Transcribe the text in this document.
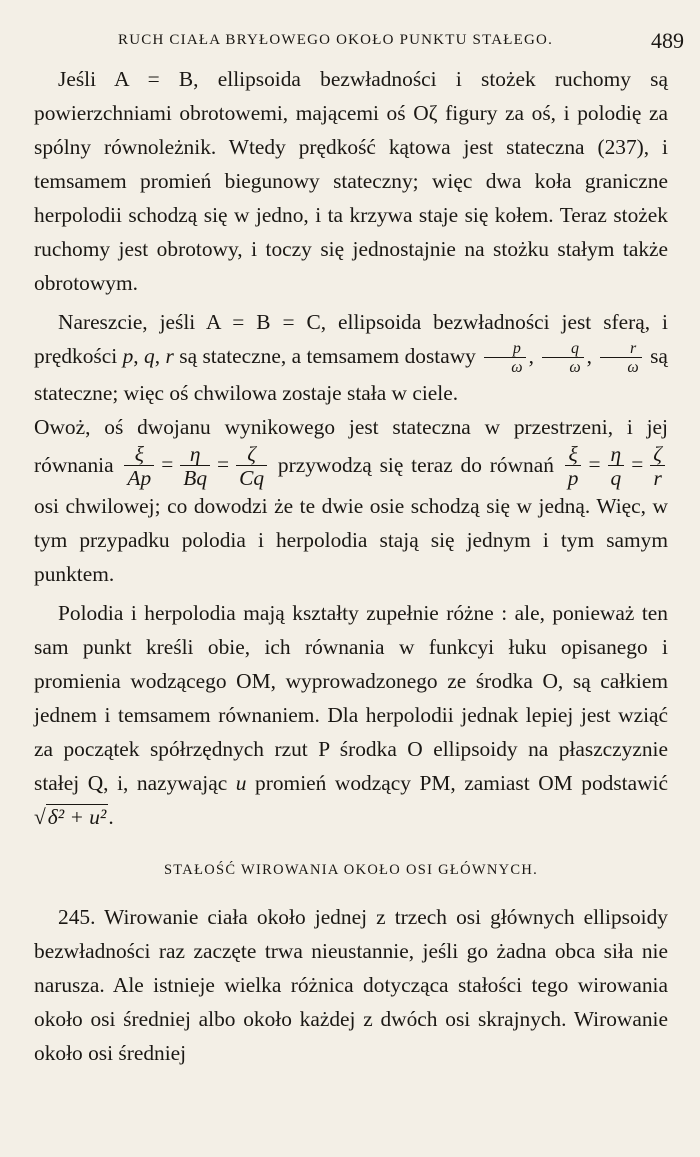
RUCH CIAŁA BRYŁOWEGO OKOŁO PUNKTU STAŁEGO.	489

Jeśli A = B, ellipsoida bezwładności i stożek ruchomy są powierzchniami obrotowemi, mającemi oś Oζ figury za oś, i polodię za spólny równoleżnik. Wtedy prędkość kątowa jest stateczna (237), i temsamem promień biegunowy stateczny; więc dwa koła graniczne herpolodii schodzą się w jedno, i ta krzywa staje się kołem. Teraz stożek ruchomy jest obrotowy, i toczy się jednostajnie na stożku stałym także obrotowym.

Nareszcie, jeśli A = B = C, ellipsoida bezwładności jest sferą, i prędkości p, q, r są stateczne, a temsamem dostawy $\frac{p}{\omega}$ , $\frac{q}{\omega}$ , $\frac{r}{\omega}$ są stateczne; więc oś chwilowa zostaje stała w ciele.

Owoż, oś dwojanu wynikowego jest stateczna w przestrzeni, i jej równania $\frac{\xi}{Ap} = \frac{\eta}{Bq} = \frac{\zeta}{Cq}$ przywodzą się teraz do równań $\frac{\xi}{p} = \frac{\eta}{q} = \frac{\zeta}{r}$
osi chwilowej; co dowodzi że te dwie osie schodzą się w jedną. Więc, w tym przypadku polodia i herpolodia stają się jednym i tym samym punktem.

Polodia i herpolodia mają kształty zupełnie różne : ale, ponieważ ten sam punkt kreśli obie, ich równania w funkcyi łuku opisanego i promienia wodzącego OM, wyprowadzonego ze środka O, są całkiem jednem i temsamem równaniem. Dla herpolodii jednak lepiej jest wziąć za początek spółrzędnych rzut P środka O ellipsoidy na płaszczyznie stałej Q, i, nazywając u promień wodzący PM, zamiast OM podstawić √δ² + u².

STAŁOŚĆ WIROWANIA OKOŁO OSI GŁÓWNYCH.

245. Wirowanie ciała około jednej z trzech osi głównych ellipsoidy bezwładności raz zaczęte trwa nieustannie, jeśli go żadna obca siła nie narusza. Ale istnieje wielka różnica dotycząca stałości tego wirowania około osi średniej albo około każdej z dwóch osi skrajnych. Wirowanie około osi średniej
